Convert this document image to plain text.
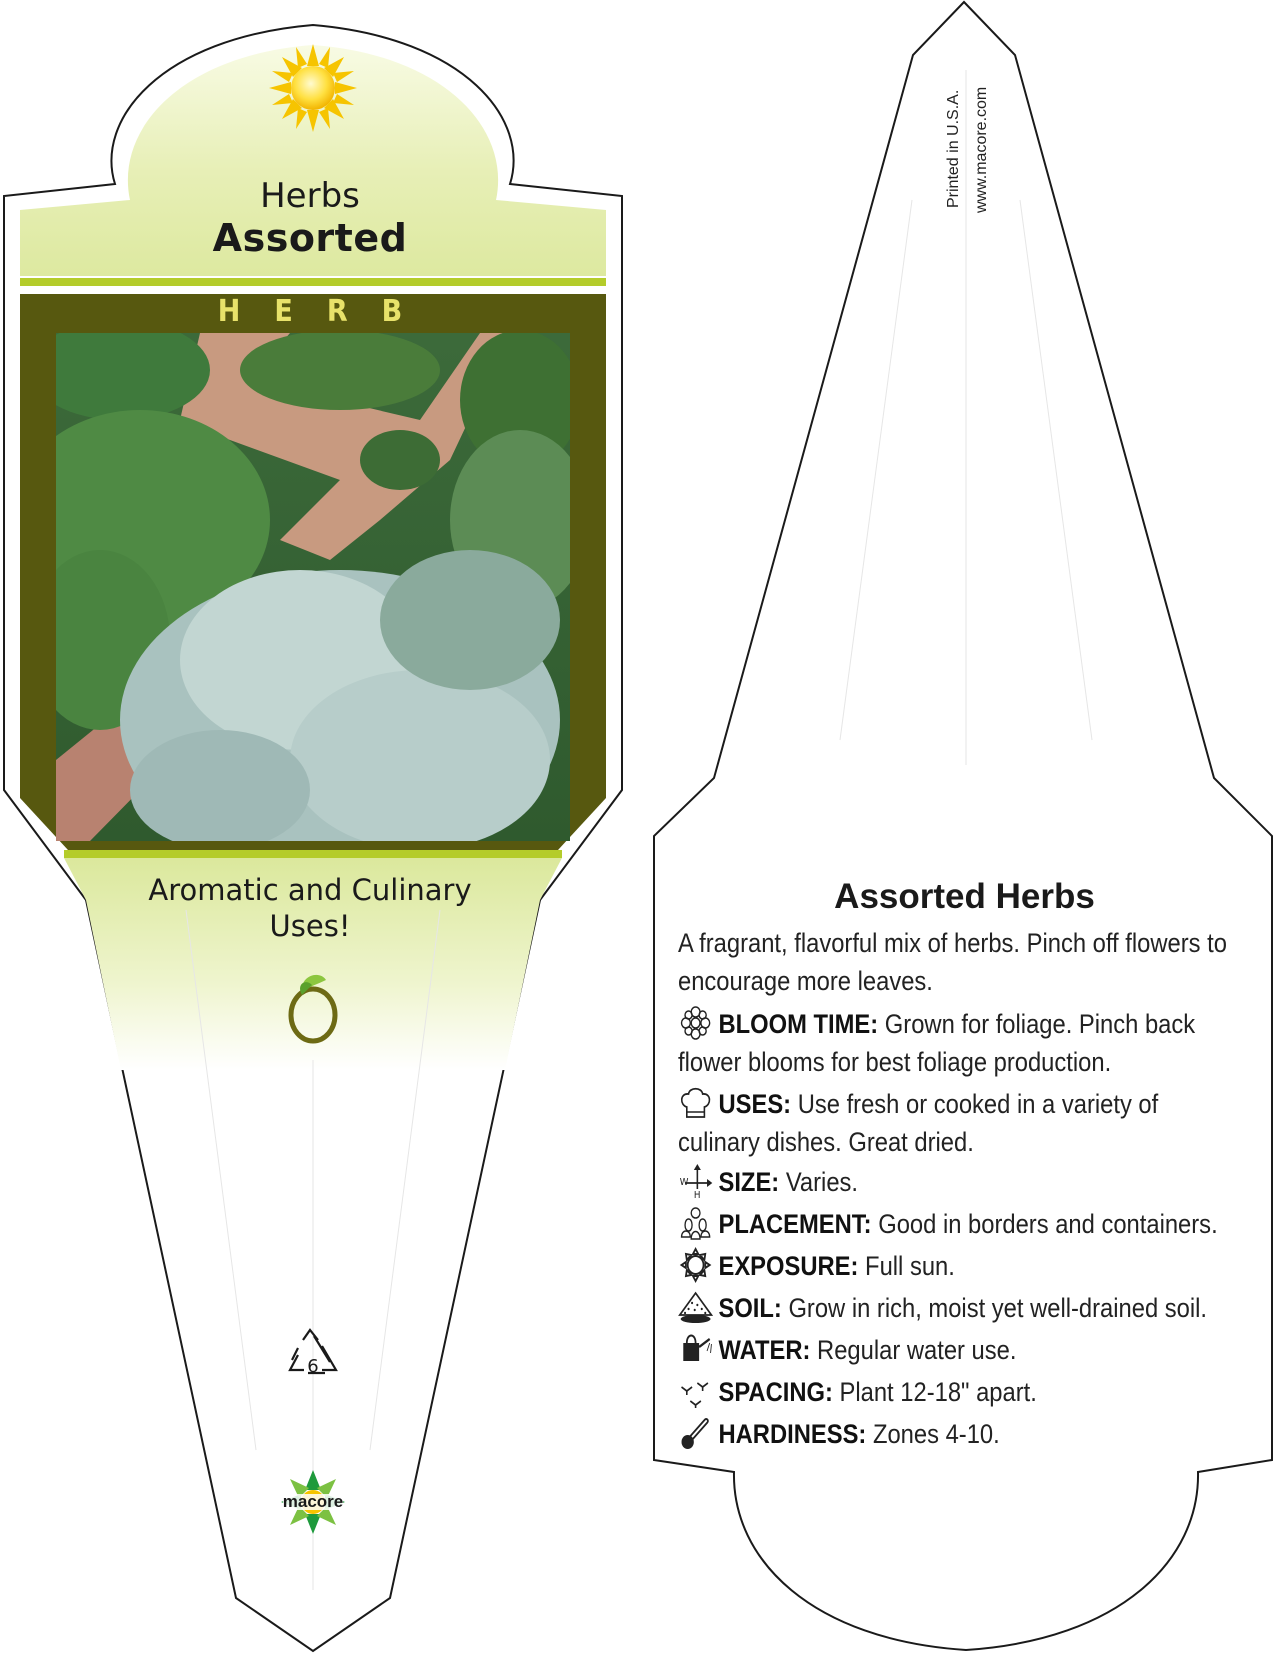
6
macore
Herbs
Assorted
HERB
Aromatic and Culinary Uses!
Printed in U.S.A. www.macore.com
Assorted Herbs
A fragrant, flavorful mix of herbs. Pinch off flowers to encourage more leaves.
BLOOM TIME: Grown for foliage. Pinch back flower blooms for best foliage production.
USES: Use fresh or cooked in a variety of culinary dishes. Great dried.
W
H SIZE: Varies.
PLACEMENT: Good in borders and containers.
EXPOSURE: Full sun.
SOIL: Grow in rich, moist yet well-drained soil.
WATER: Regular water use.
SPACING: Plant 12-18" apart.
HARDINESS: Zones 4-10.
